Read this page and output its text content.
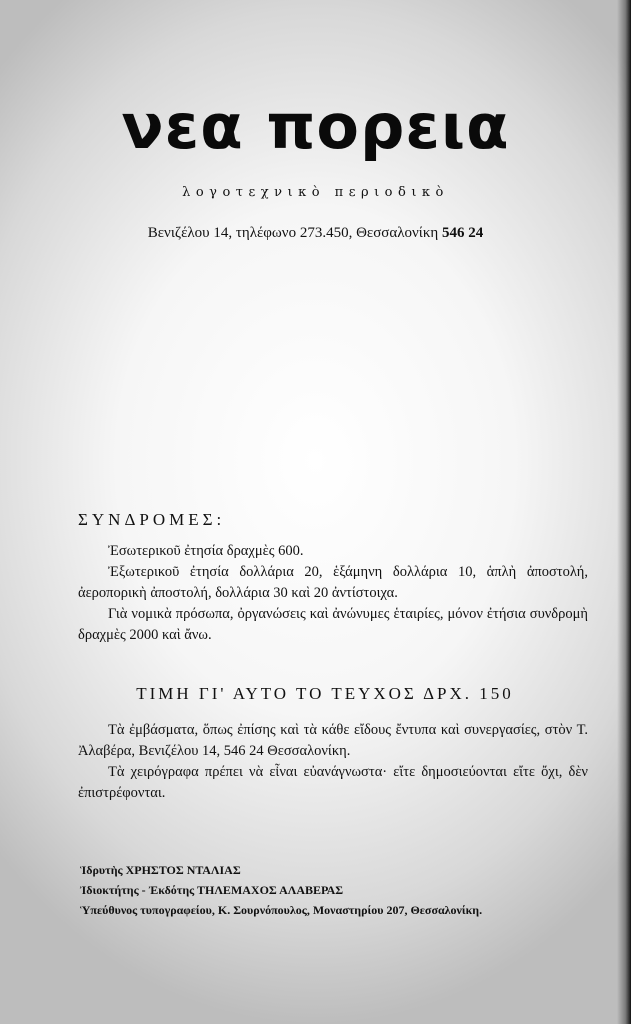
νεα πορεια
λογοτεχνικὸ περιοδικὸ
Βενιζέλου 14, τηλέφωνο 273.450, Θεσσαλονίκη 546 24
ΣΥΝΔΡΟΜΕΣ:
Ἐσωτερικοῦ ἐτησία δραχμὲς 600.
Ἐξωτερικοῦ ἐτησία δολλάρια 20, ἑξάμηνη δολλάρια 10, ἁπλὴ ἀποστολή, ἀεροπορικὴ ἀποστολή, δολλάρια 30 καὶ 20 ἀντίστοιχα.
Γιὰ νομικὰ πρόσωπα, ὀργανώσεις καὶ ἀνώνυμες ἑταιρίες, μόνον ἐτήσια συνδρομὴ δραχμὲς 2000 καὶ ἄνω.
ΤΙΜΗ ΓΙ' ΑΥΤΟ ΤΟ ΤΕΥΧΟΣ ΔΡΧ. 150
Τὰ ἐμβάσματα, ὅπως ἐπίσης καὶ τὰ κάθε εἴδους ἔντυπα καὶ συνεργασίες, στὸν Τ. Ἀλαβέρα, Βενιζέλου 14, 546 24 Θεσσαλονίκη.
Τὰ χειρόγραφα πρέπει νὰ εἶναι εὐανάγνωστα· εἴτε δημοσιεύονται εἴτε ὄχι, δὲν ἐπιστρέφονται.
Ἱδρυτὴς ΧΡΗΣΤΟΣ ΝΤΑΛΙΑΣ
Ἰδιοκτήτης - Ἐκδότης ΤΗΛΕΜΑΧΟΣ ΑΛΑΒΕΡΑΣ
Ὑπεύθυνος τυπογραφείου, Κ. Σουρνόπουλος, Μοναστηρίου 207, Θεσσαλονίκη.
